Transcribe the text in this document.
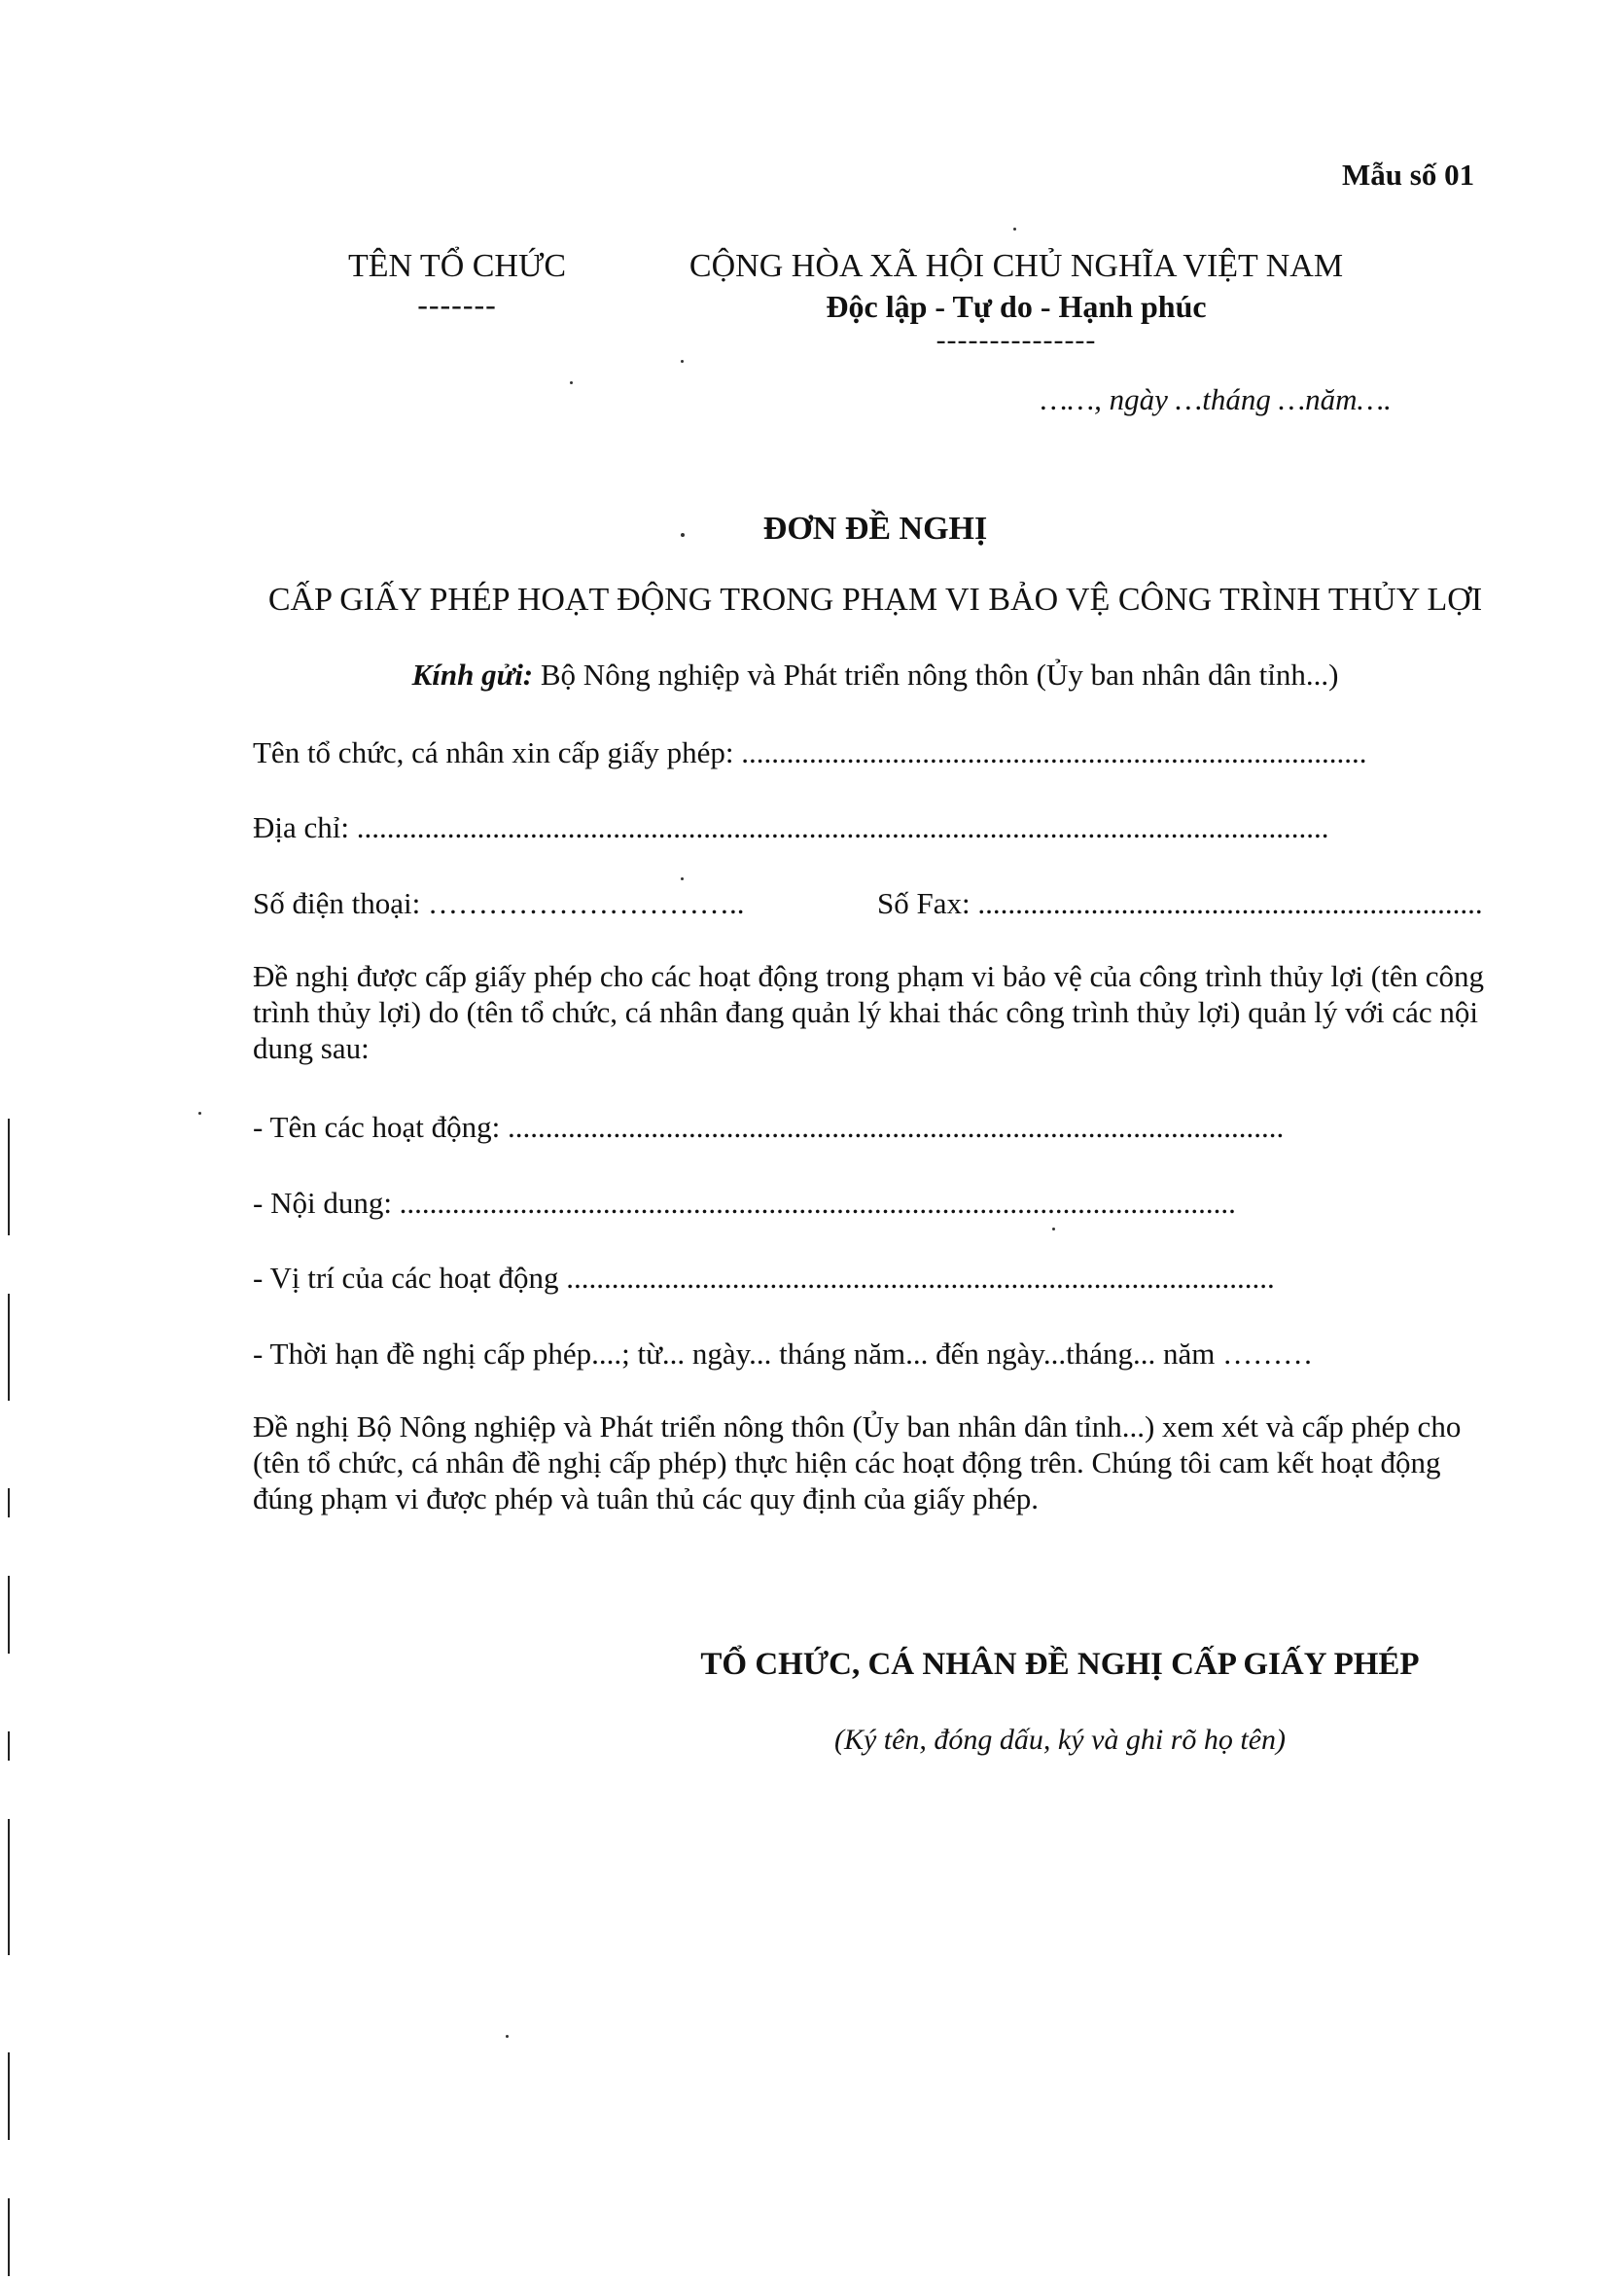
Mẫu số 01
TÊN TỔ CHỨC
-------
CỘNG HÒA XÃ HỘI CHỦ NGHĨA VIỆT NAM
Độc lập - Tự do - Hạnh phúc
---------------
……, ngày …tháng …năm….
ĐƠN ĐỀ NGHỊ
CẤP GIẤY PHÉP HOẠT ĐỘNG TRONG PHẠM VI BẢO VỆ CÔNG TRÌNH THỦY LỢI
Kính gửi: Bộ Nông nghiệp và Phát triển nông thôn (Ủy ban nhân dân tỉnh...)
Tên tổ chức, cá nhân xin cấp giấy phép: ...................................................................................
Địa chỉ: .................................................................................................................................
Số điện thoại: …………………………..	Số Fax: ...................................................................
Đề nghị được cấp giấy phép cho các hoạt động trong phạm vi bảo vệ của công trình thủy lợi (tên công trình thủy lợi) do (tên tổ chức, cá nhân đang quản lý khai thác công trình thủy lợi) quản lý với các nội dung sau:
- Tên các hoạt động: .......................................................................................................
- Nội dung: ...............................................................................................................
- Vị trí của các hoạt động ..............................................................................................
- Thời hạn đề nghị cấp phép....; từ... ngày... tháng năm... đến ngày...tháng... năm ………
Đề nghị Bộ Nông nghiệp và Phát triển nông thôn (Ủy ban nhân dân tỉnh...) xem xét và cấp phép cho (tên tổ chức, cá nhân đề nghị cấp phép) thực hiện các hoạt động trên. Chúng tôi cam kết hoạt động đúng phạm vi được phép và tuân thủ các quy định của giấy phép.
TỔ CHỨC, CÁ NHÂN ĐỀ NGHỊ CẤP GIẤY PHÉP
(Ký tên, đóng dấu, ký và ghi rõ họ tên)
